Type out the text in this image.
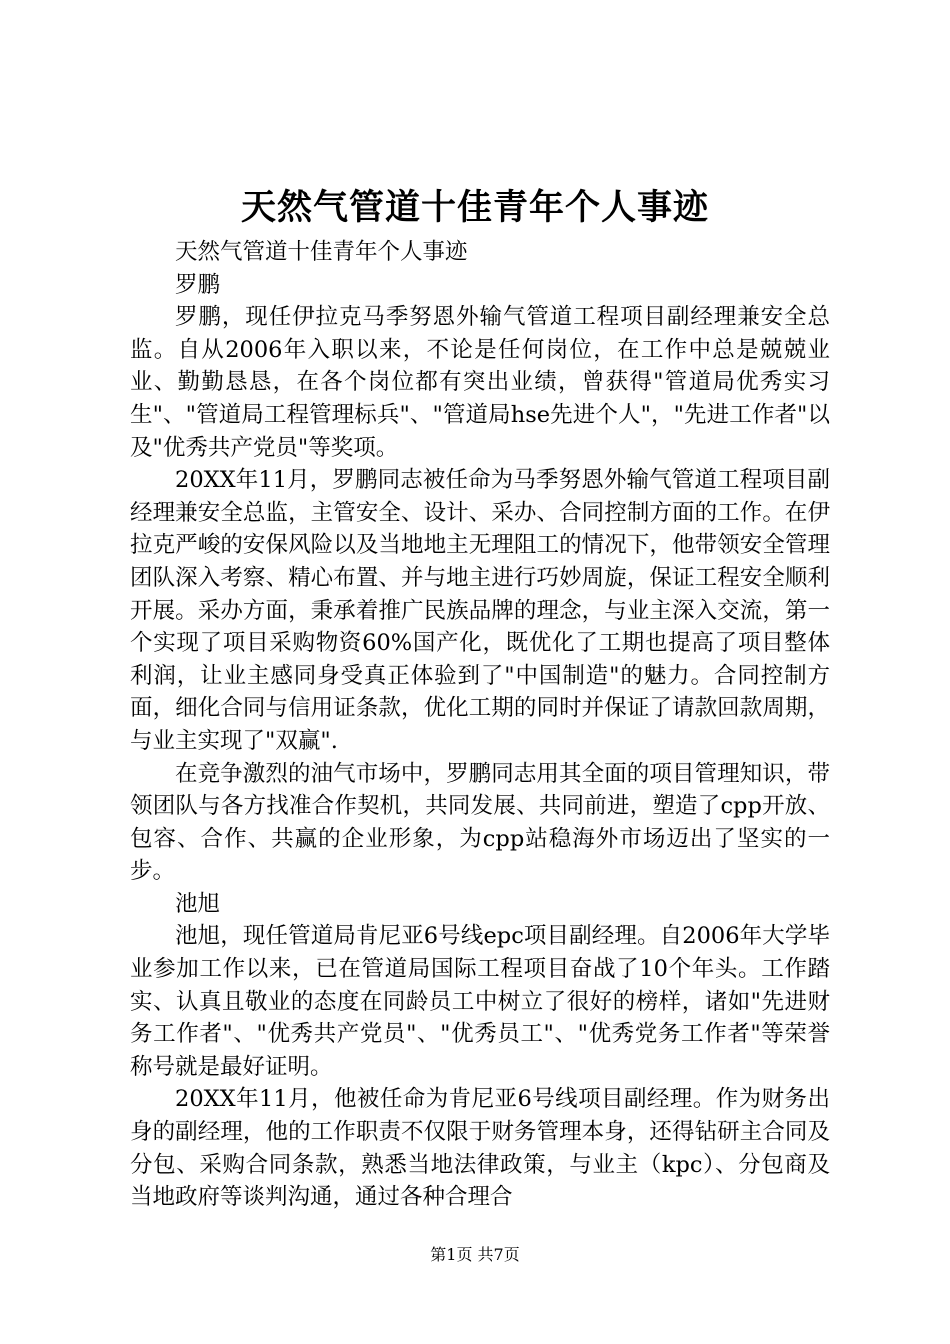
天然气管道十佳青年个人事迹

天然气管道十佳青年个人事迹

罗鹏

罗鹏，现任伊拉克马季努恩外输气管道工程项目副经理兼安全总监。自从2006年入职以来，不论是任何岗位，在工作中总是兢兢业业、勤勤恳恳，在各个岗位都有突出业绩，曾获得"管道局优秀实习生"、"管道局工程管理标兵"、"管道局hse先进个人"，"先进工作者"以及"优秀共产党员"等奖项。

20XX年11月，罗鹏同志被任命为马季努恩外输气管道工程项目副经理兼安全总监，主管安全、设计、采办、合同控制方面的工作。在伊拉克严峻的安保风险以及当地地主无理阻工的情况下，他带领安全管理团队深入考察、精心布置、并与地主进行巧妙周旋，保证工程安全顺利开展。采办方面，秉承着推广民族品牌的理念，与业主深入交流，第一个实现了项目采购物资60%国产化，既优化了工期也提高了项目整体利润，让业主感同身受真正体验到了"中国制造"的魅力。合同控制方面，细化合同与信用证条款，优化工期的同时并保证了请款回款周期，与业主实现了"双赢".

在竞争激烈的油气市场中，罗鹏同志用其全面的项目管理知识，带领团队与各方找准合作契机，共同发展、共同前进，塑造了cpp开放、包容、合作、共赢的企业形象，为cpp站稳海外市场迈出了坚实的一步。

池旭

池旭，现任管道局肯尼亚6号线epc项目副经理。自2006年大学毕业参加工作以来，已在管道局国际工程项目奋战了10个年头。工作踏实、认真且敬业的态度在同龄员工中树立了很好的榜样，诸如"先进财务工作者"、"优秀共产党员"、"优秀员工"、"优秀党务工作者"等荣誉称号就是最好证明。

20XX年11月，他被任命为肯尼亚6号线项目副经理。作为财务出身的副经理，他的工作职责不仅限于财务管理本身，还得钻研主合同及分包、采购合同条款，熟悉当地法律政策，与业主（kpc）、分包商及当地政府等谈判沟通，通过各种合理合

第1页 共7页
